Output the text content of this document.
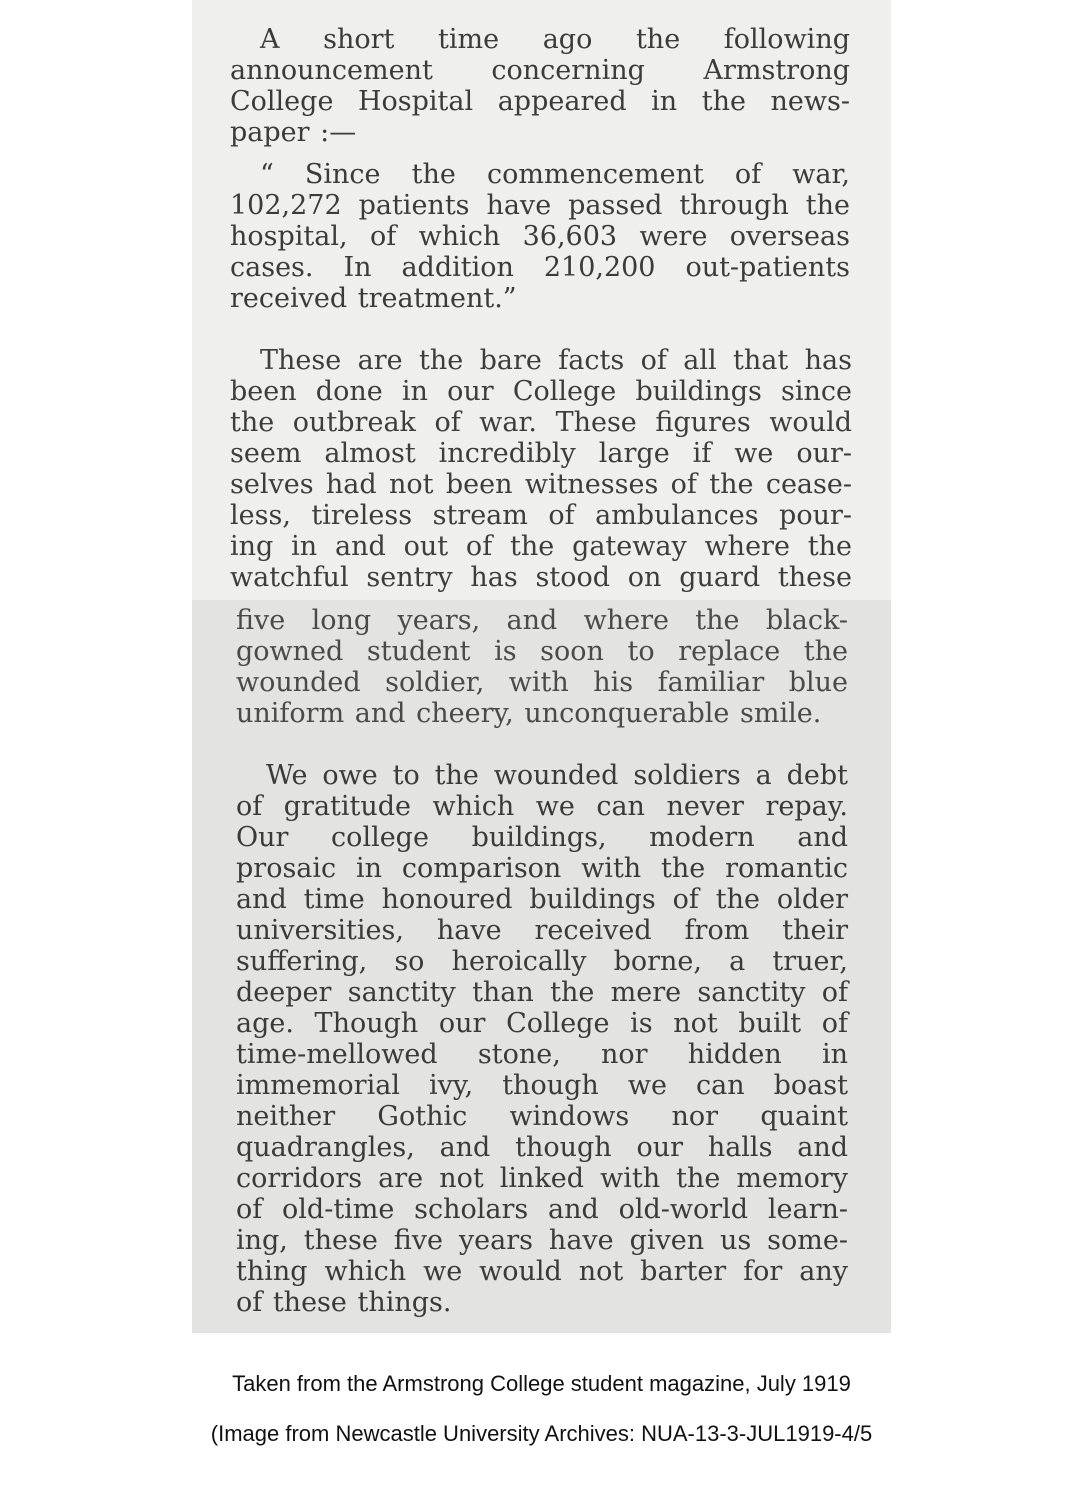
A short time ago the following
announcement concerning Armstrong
College Hospital appeared in the news-
paper :—
“ Since the commencement of war,
102,272 patients have passed through the
hospital, of which 36,603 were overseas
cases. In addition 210,200 out-patients
received treatment.”
These are the bare facts of all that has
been done in our College buildings since
the outbreak of war. These figures would
seem almost incredibly large if we our-
selves had not been witnesses of the cease-
less, tireless stream of ambulances pour-
ing in and out of the gateway where the
watchful sentry has stood on guard these
five long years, and where the black-
gowned student is soon to replace the
wounded soldier, with his familiar blue
uniform and cheery, unconquerable smile.
We owe to the wounded soldiers a debt
of gratitude which we can never repay.
Our college buildings, modern and
prosaic in comparison with the romantic
and time honoured buildings of the older
universities, have received from their
suffering, so heroically borne, a truer,
deeper sanctity than the mere sanctity of
age. Though our College is not built of
time-mellowed stone, nor hidden in
immemorial ivy, though we can boast
neither Gothic windows nor quaint
quadrangles, and though our halls and
corridors are not linked with the memory
of old-time scholars and old-world learn-
ing, these five years have given us some-
thing which we would not barter for any
of these things.

Taken from the Armstrong College student magazine, July 1919

(Image from Newcastle University Archives: NUA-13-3-JUL1919-4/5
